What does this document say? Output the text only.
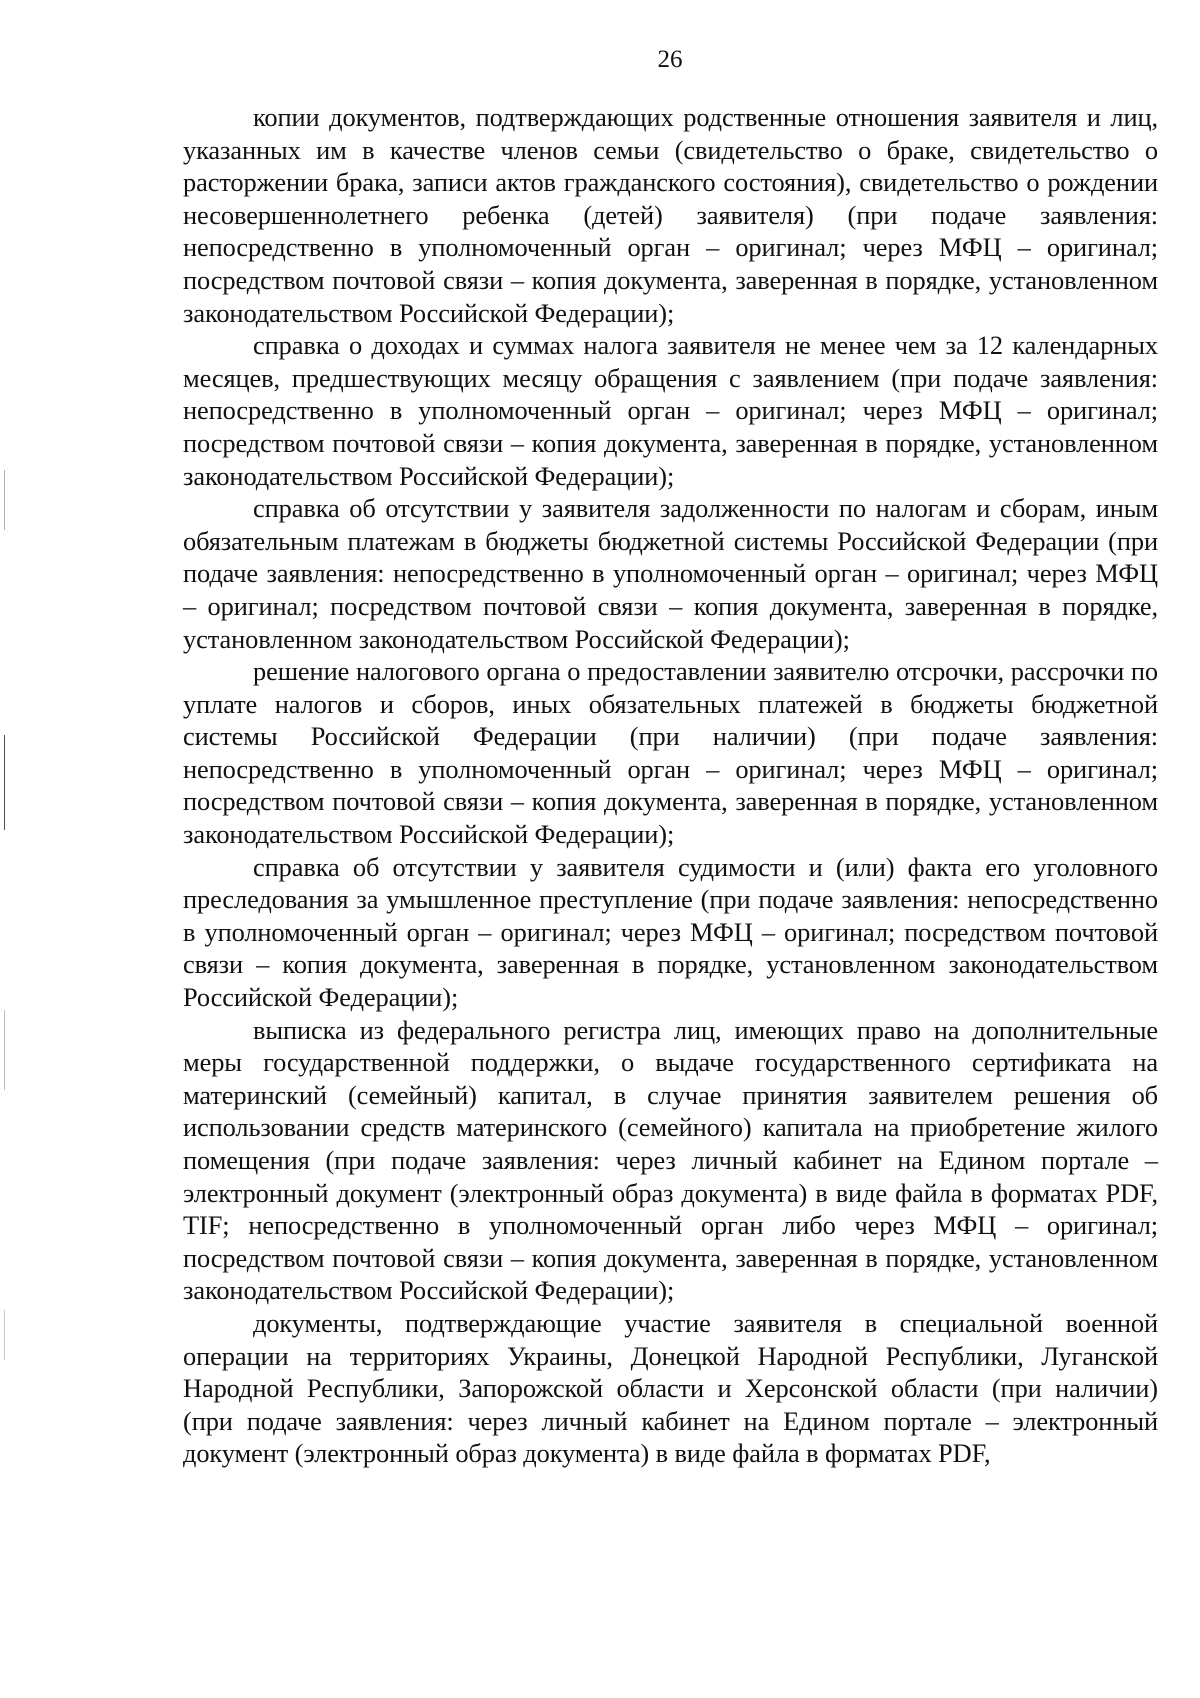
26

копии документов, подтверждающих родственные отношения заявителя и лиц, указанных им в качестве членов семьи (свидетельство о браке, свидетельство о расторжении брака, записи актов гражданского состояния), свидетельство о рождении несовершеннолетнего ребенка (детей) заявителя) (при подаче заявления: непосредственно в уполномоченный орган – оригинал; через МФЦ – оригинал; посредством почтовой связи – копия документа, заверенная в порядке, установленном законодательством Российской Федерации);

справка о доходах и суммах налога заявителя не менее чем за 12 календарных месяцев, предшествующих месяцу обращения с заявлением (при подаче заявления: непосредственно в уполномоченный орган – оригинал; через МФЦ – оригинал; посредством почтовой связи – копия документа, заверенная в порядке, установленном законодательством Российской Федерации);

справка об отсутствии у заявителя задолженности по налогам и сборам, иным обязательным платежам в бюджеты бюджетной системы Российской Федерации (при подаче заявления: непосредственно в уполномоченный орган – оригинал; через МФЦ – оригинал; посредством почтовой связи – копия документа, заверенная в порядке, установленном законодательством Российской Федерации);

решение налогового органа о предоставлении заявителю отсрочки, рассрочки по уплате налогов и сборов, иных обязательных платежей в бюджеты бюджетной системы Российской Федерации (при наличии) (при подаче заявления: непосредственно в уполномоченный орган – оригинал; через МФЦ – оригинал; посредством почтовой связи – копия документа, заверенная в порядке, установленном законодательством Российской Федерации);

справка об отсутствии у заявителя судимости и (или) факта его уголовного преследования за умышленное преступление (при подаче заявления: непосредственно в уполномоченный орган – оригинал; через МФЦ – оригинал; посредством почтовой связи – копия документа, заверенная в порядке, установленном законодательством Российской Федерации);

выписка из федерального регистра лиц, имеющих право на дополнительные меры государственной поддержки, о выдаче государственного сертификата на материнский (семейный) капитал, в случае принятия заявителем решения об использовании средств материнского (семейного) капитала на приобретение жилого помещения (при подаче заявления: через личный кабинет на Едином портале – электронный документ (электронный образ документа) в виде файла в форматах PDF, TIF; непосредственно в уполномоченный орган либо через МФЦ – оригинал; посредством почтовой связи – копия документа, заверенная в порядке, установленном законодательством Российской Федерации);

документы, подтверждающие участие заявителя в специальной военной операции на территориях Украины, Донецкой Народной Республики, Луганской Народной Республики, Запорожской области и Херсонской области (при наличии) (при подаче заявления: через личный кабинет на Едином портале – электронный документ (электронный образ документа) в виде файла в форматах PDF,
